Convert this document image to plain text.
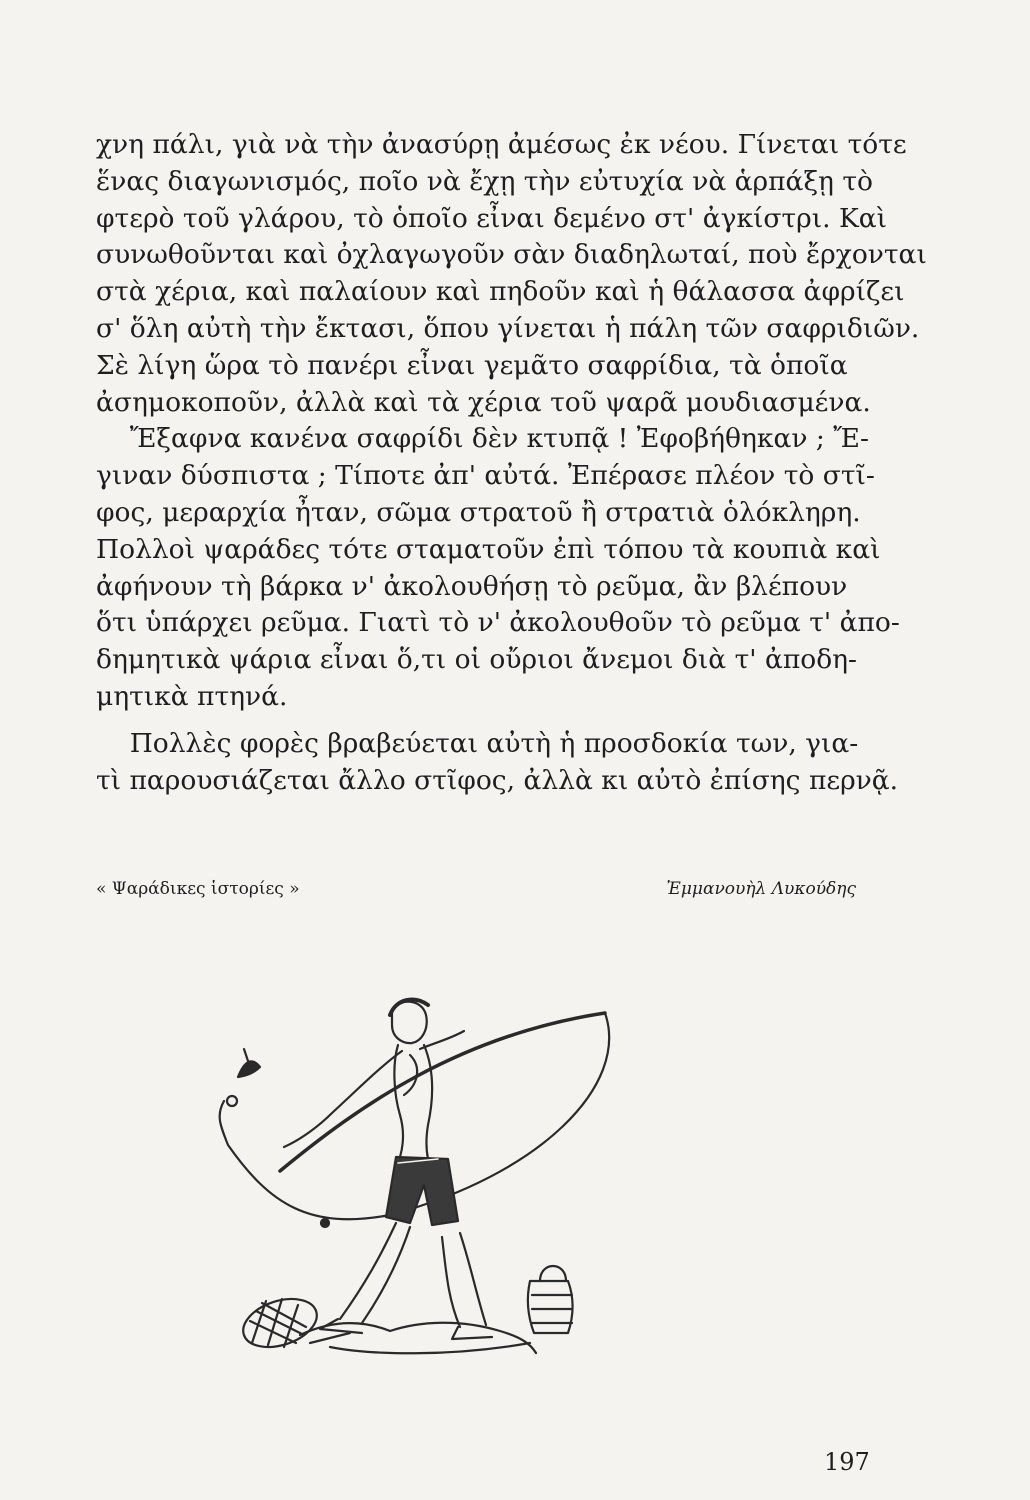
χνη πάλι, γιὰ νὰ τὴν ἀνασύρῃ ἀμέσως ἐκ νέου. Γίνεται τότε
ἕνας διαγωνισμός, ποῖο νὰ ἔχῃ τὴν εὐτυχία νὰ ἁρπάξῃ τὸ
φτερὸ τοῦ γλάρου, τὸ ὁποῖο εἶναι δεμένο στ' ἀγκίστρι. Καὶ
συνωθοῦνται καὶ ὀχλαγωγοῦν σὰν διαδηλωταί, ποὺ ἔρχονται
στὰ χέρια, καὶ παλαίουν καὶ πηδοῦν καὶ ἡ θάλασσα ἀφρίζει
σ' ὅλη αὐτὴ τὴν ἔκτασι, ὅπου γίνεται ἡ πάλη τῶν σαφριδιῶν.
Σὲ λίγη ὥρα τὸ πανέρι εἶναι γεμᾶτο σαφρίδια, τὰ ὁποῖα
ἀσημοκοποῦν, ἀλλὰ καὶ τὰ χέρια τοῦ ψαρᾶ μουδιασμένα.
Ἔξαφνα κανένα σαφρίδι δὲν κτυπᾷ ! Ἐφοβήθηκαν ; Ἔ-
γιναν δύσπιστα ; Τίποτε ἀπ' αὐτά. Ἐπέρασε πλέον τὸ στῖ-
φος, μεραρχία ἦταν, σῶμα στρατοῦ ἢ στρατιὰ ὁλόκληρη.
Πολλοὶ ψαράδες τότε σταματοῦν ἐπὶ τόπου τὰ κουπιὰ καὶ
ἀφήνουν τὴ βάρκα ν' ἀκολουθήσῃ τὸ ρεῦμα, ἂν βλέπουν
ὅτι ὑπάρχει ρεῦμα. Γιατὶ τὸ ν' ἀκολουθοῦν τὸ ρεῦμα τ' ἀπο-
δημητικὰ ψάρια εἶναι ὅ,τι οἱ οὔριοι ἄνεμοι διὰ τ' ἀποδη-
μητικὰ πτηνά.
Πολλὲς φορὲς βραβεύεται αὐτὴ ἡ προσδοκία των, για-
τὶ παρουσιάζεται ἄλλο στῖφος, ἀλλὰ κι αὐτὸ ἐπίσης περνᾷ.
« Ψαράδικες ἱστορίες »	Ἐμμανουὴλ Λυκούδης
197
